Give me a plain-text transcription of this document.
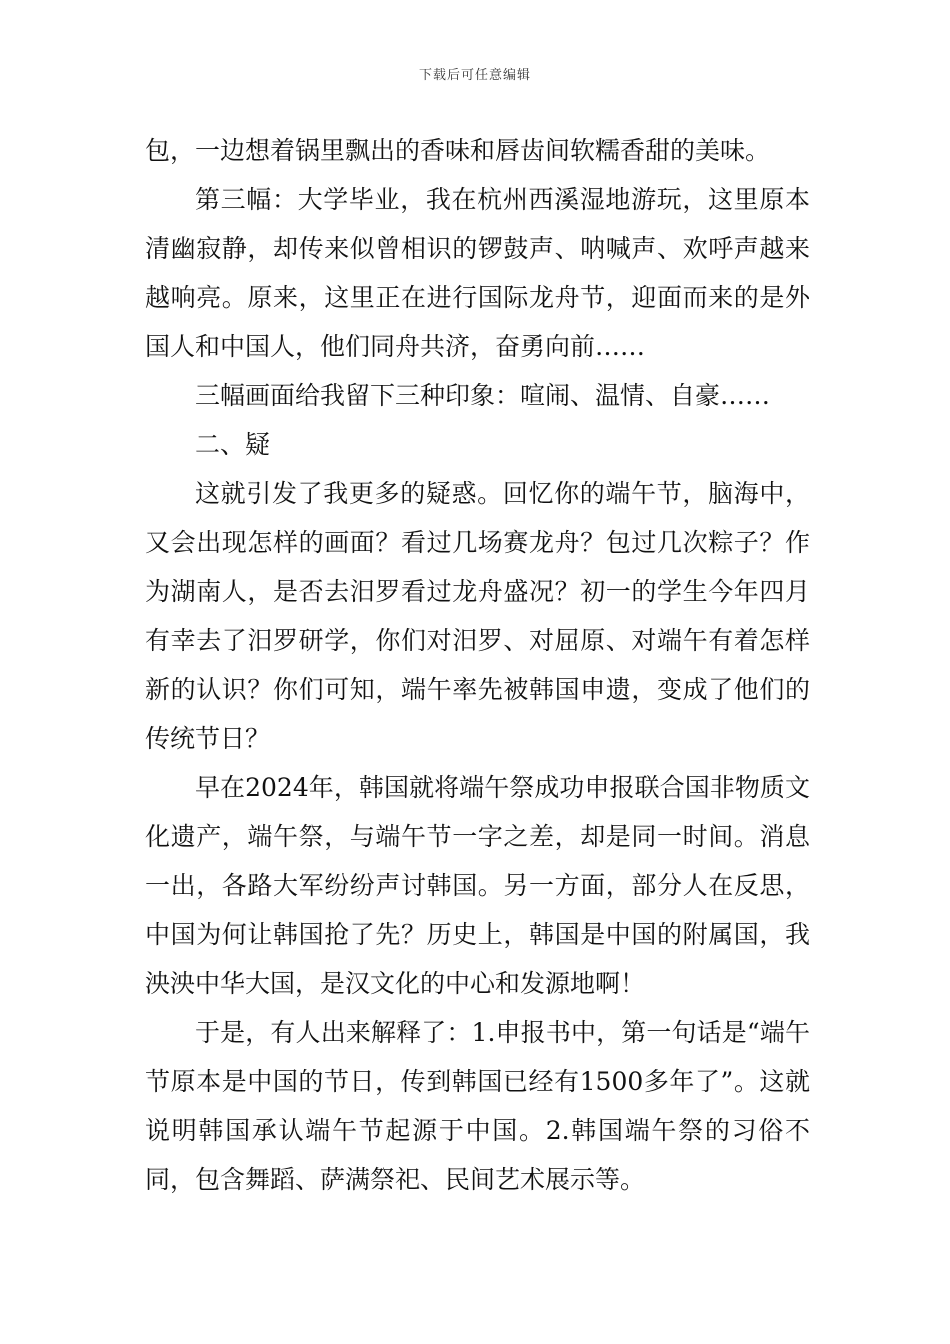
下载后可任意编辑

包，一边想着锅里飘出的香味和唇齿间软糯香甜的美味。

第三幅：大学毕业，我在杭州西溪湿地游玩，这里原本清幽寂静，却传来似曾相识的锣鼓声、呐喊声、欢呼声越来越响亮。原来，这里正在进行国际龙舟节，迎面而来的是外国人和中国人，他们同舟共济，奋勇向前……

三幅画面给我留下三种印象：喧闹、温情、自豪……

二、疑

这就引发了我更多的疑惑。回忆你的端午节，脑海中，又会出现怎样的画面？看过几场赛龙舟？包过几次粽子？作为湖南人，是否去汨罗看过龙舟盛况？初一的学生今年四月有幸去了汨罗研学，你们对汨罗、对屈原、对端午有着怎样新的认识？你们可知，端午率先被韩国申遗，变成了他们的传统节日？

早在2024年，韩国就将端午祭成功申报联合国非物质文化遗产，端午祭，与端午节一字之差，却是同一时间。消息一出，各路大军纷纷声讨韩国。另一方面，部分人在反思，中国为何让韩国抢了先？历史上，韩国是中国的附属国，我泱泱中华大国，是汉文化的中心和发源地啊！

于是，有人出来解释了：1.申报书中，第一句话是“端午节原本是中国的节日，传到韩国已经有1500多年了”。这就说明韩国承认端午节起源于中国。2.韩国端午祭的习俗不同，包含舞蹈、萨满祭祀、民间艺术展示等。
